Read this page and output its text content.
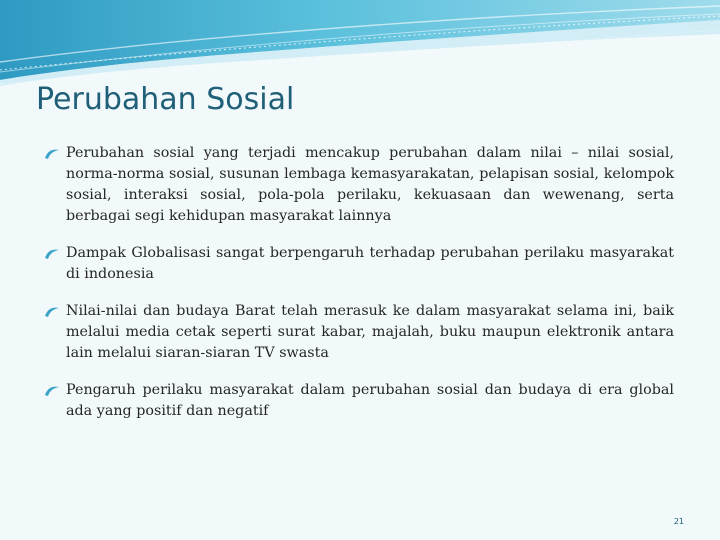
Perubahan Sosial
Perubahan sosial yang terjadi mencakup perubahan dalam nilai – nilai sosial, norma-norma sosial, susunan lembaga kemasyarakatan, pelapisan sosial, kelompok sosial, interaksi sosial, pola-pola perilaku, kekuasaan dan wewenang, serta berbagai segi kehidupan masyarakat lainnya
Dampak Globalisasi sangat berpengaruh terhadap perubahan perilaku masyarakat di indonesia
Nilai-nilai dan budaya Barat telah merasuk ke dalam masyarakat selama ini, baik melalui media cetak seperti surat kabar, majalah, buku maupun elektronik antara lain melalui siaran-siaran TV swasta
Pengaruh perilaku masyarakat dalam perubahan sosial dan budaya di era global ada yang positif dan negatif
21
